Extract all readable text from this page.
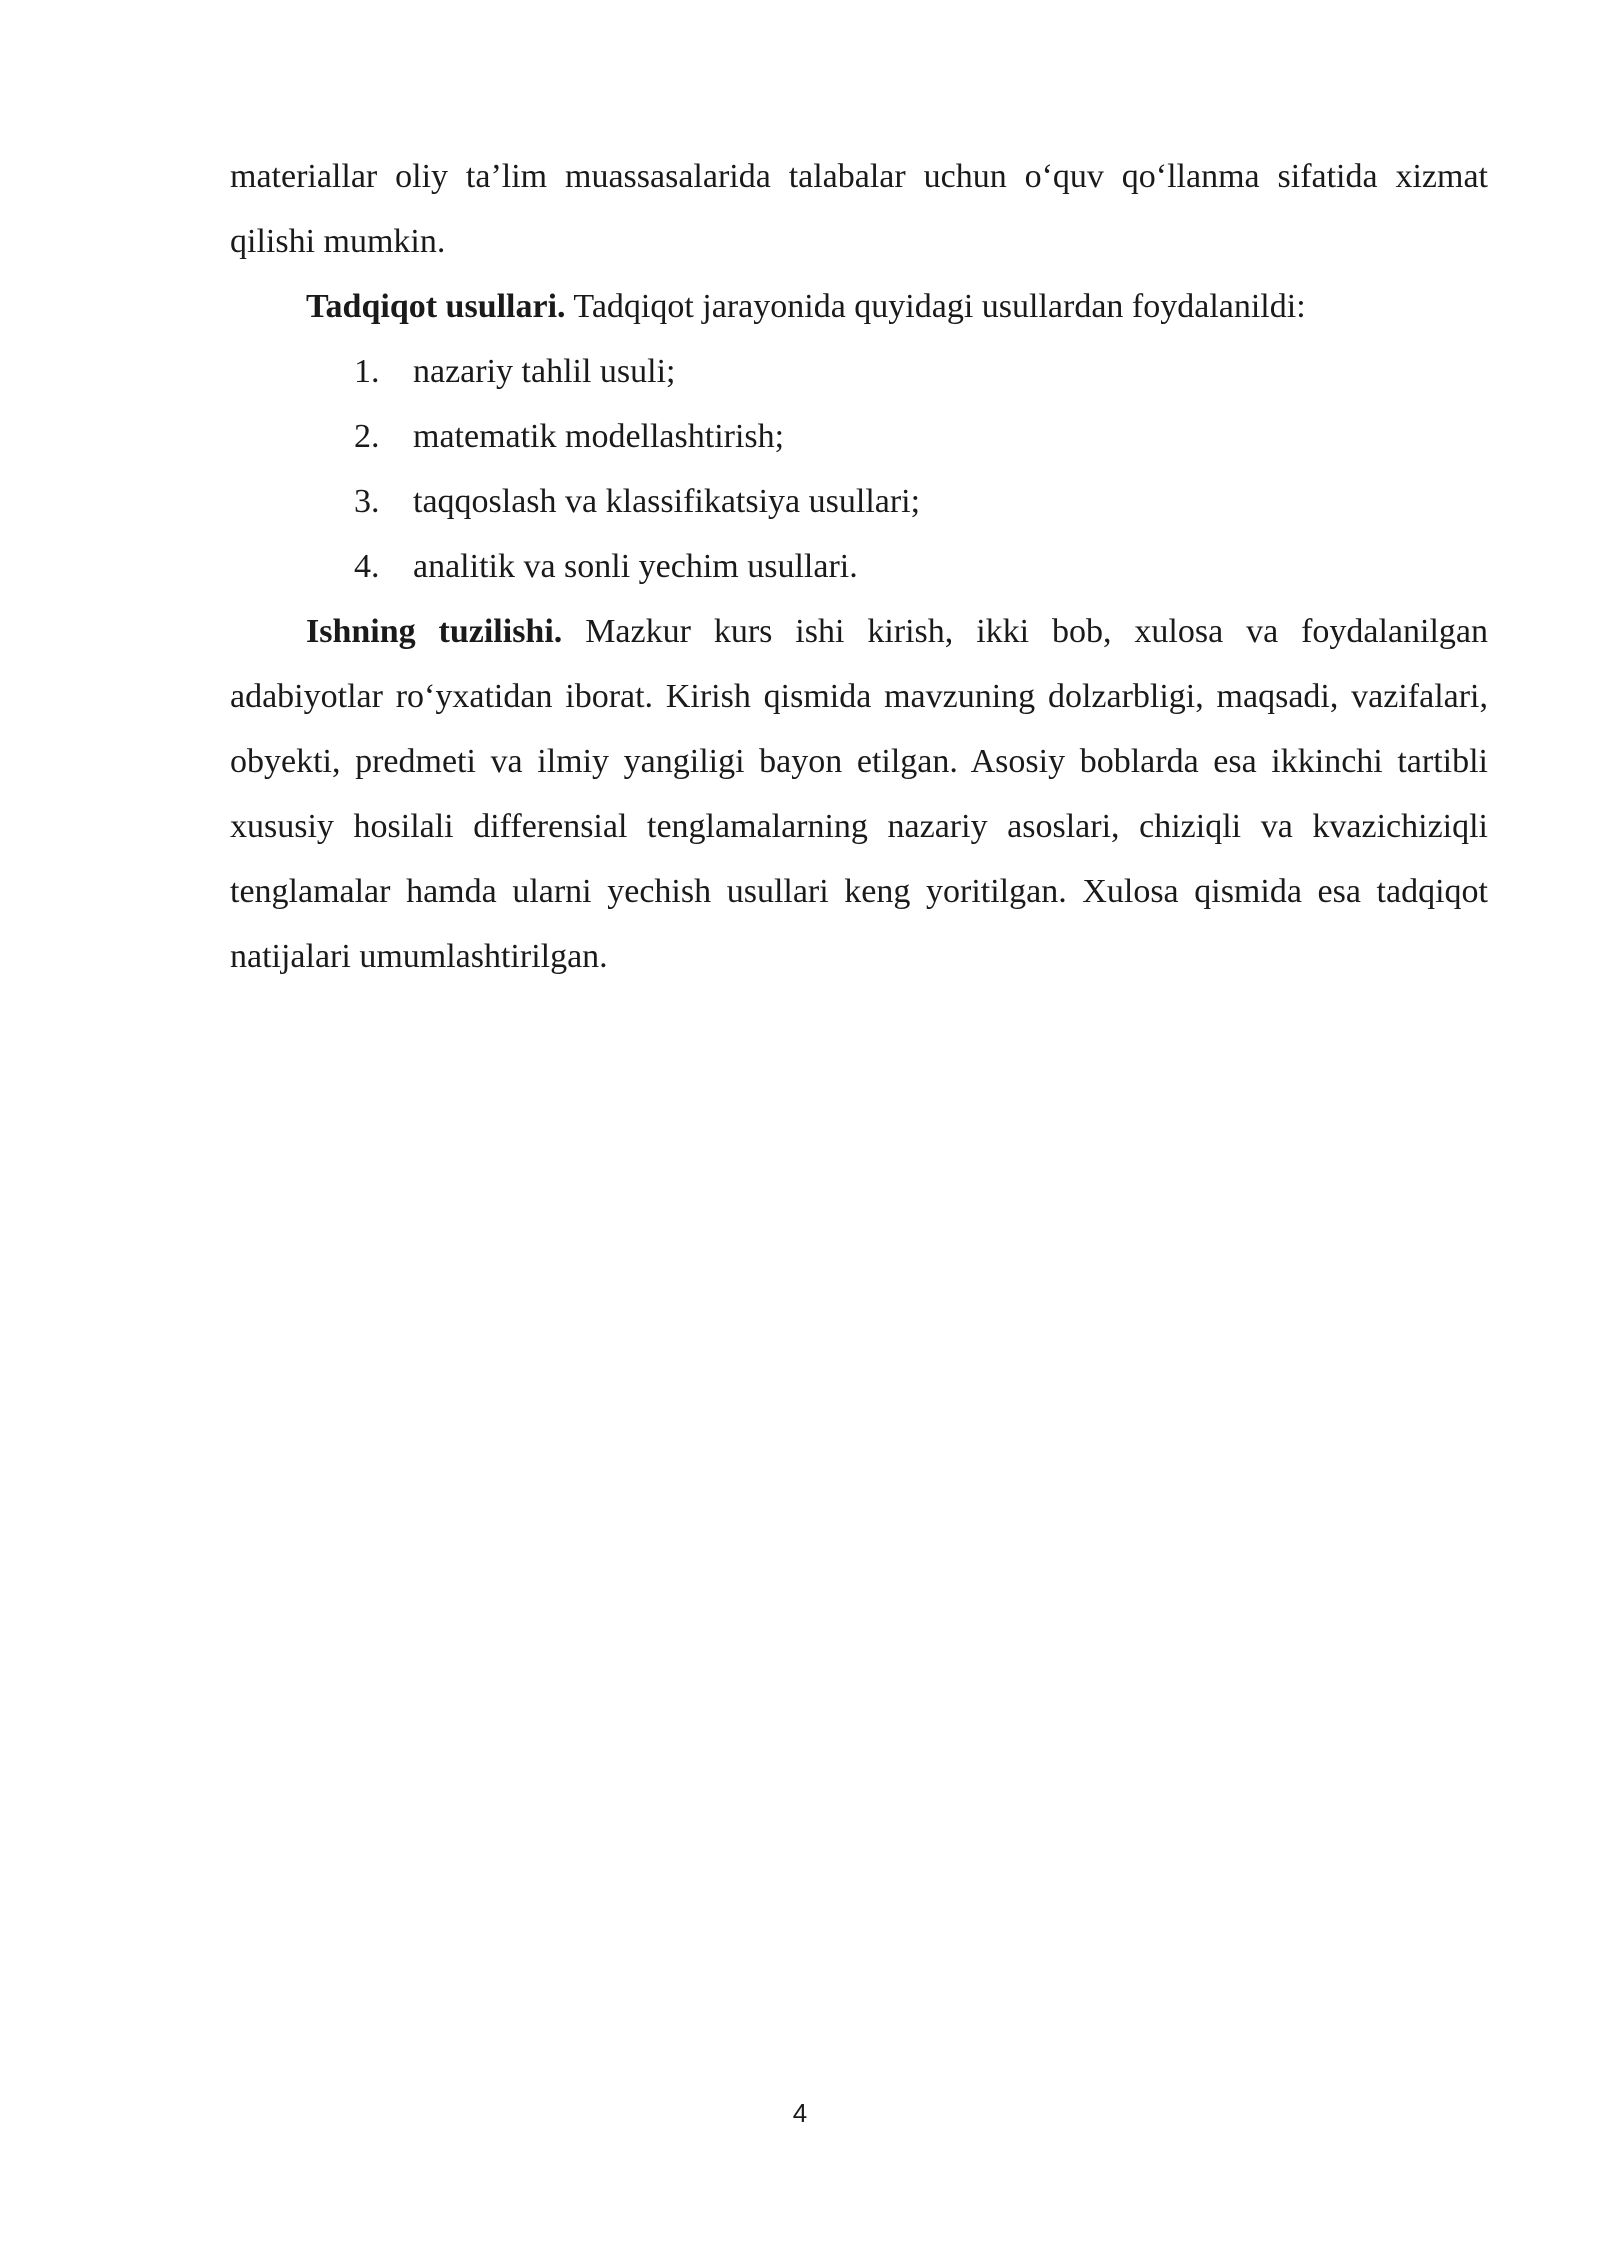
materiallar oliy ta’lim muassasalarida talabalar uchun o‘quv qo‘llanma sifatida xizmat qilishi mumkin.

Tadqiqot usullari. Tadqiqot jarayonida quyidagi usullardan foydalanildi:

1. nazariy tahlil usuli;
2. matematik modellashtirish;
3. taqqoslash va klassifikatsiya usullari;
4. analitik va sonli yechim usullari.

Ishning tuzilishi. Mazkur kurs ishi kirish, ikki bob, xulosa va foydalanilgan adabiyotlar ro‘yxatidan iborat. Kirish qismida mavzuning dolzarbligi, maqsadi, vazifalari, obyekti, predmeti va ilmiy yangiligi bayon etilgan. Asosiy boblarda esa ikkinchi tartibli xususiy hosilali differensial tenglamalarning nazariy asoslari, chiziqli va kvazichiziqli tenglamalar hamda ularni yechish usullari keng yoritilgan. Xulosa qismida esa tadqiqot natijalari umumlashtirilgan.

4
